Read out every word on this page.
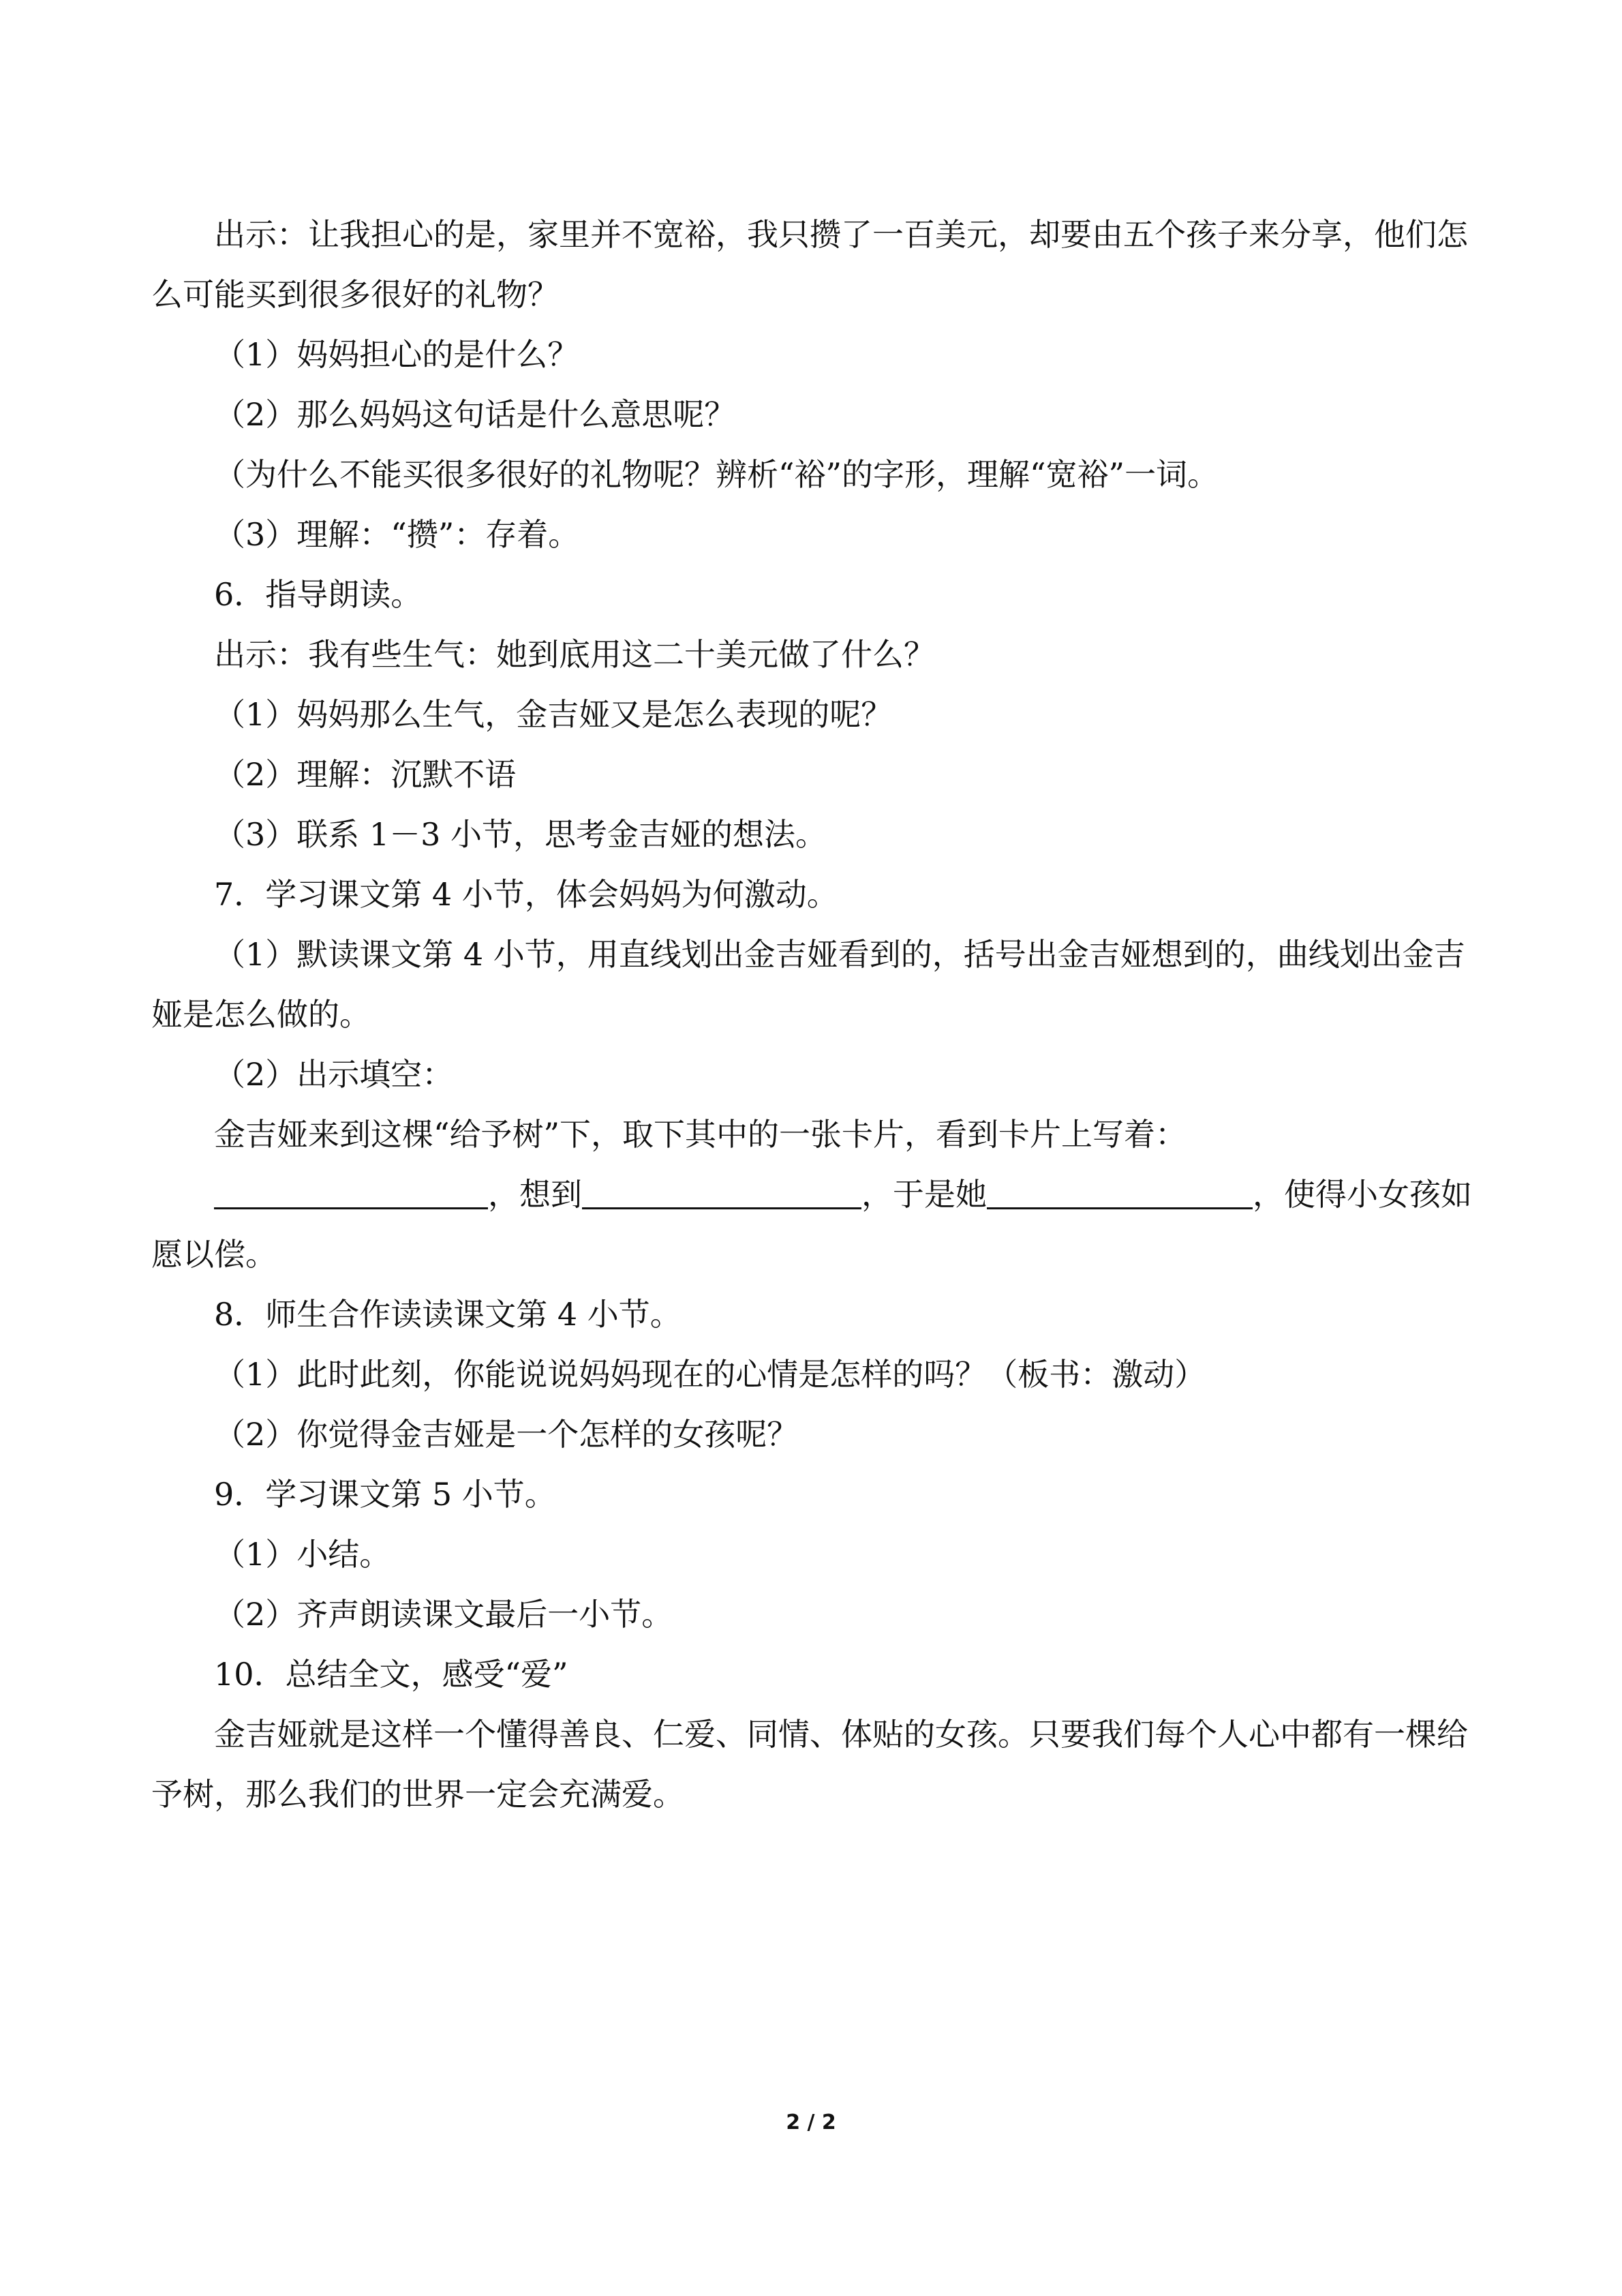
出示：让我担心的是，家里并不宽裕，我只攒了一百美元，却要由五个孩子来分享，他们怎么可能买到很多很好的礼物？

（1）妈妈担心的是什么？

（2）那么妈妈这句话是什么意思呢？

（为什么不能买很多很好的礼物呢？辨析“裕”的字形，理解“宽裕”一词。

（3）理解：“攒”：存着。

6．指导朗读。

出示：我有些生气：她到底用这二十美元做了什么？

（1）妈妈那么生气，金吉娅又是怎么表现的呢？

（2）理解：沉默不语

（3）联系 1－3 小节，思考金吉娅的想法。

7．学习课文第 4 小节，体会妈妈为何激动。

（1）默读课文第 4 小节，用直线划出金吉娅看到的，括号出金吉娅想到的，曲线划出金吉娅是怎么做的。

（2）出示填空：

金吉娅来到这棵“给予树”下，取下其中的一张卡片，看到卡片上写着：

，想到	，于是她	，使得小女孩如愿以偿。

8．师生合作读读课文第 4 小节。

（1）此时此刻，你能说说妈妈现在的心情是怎样的吗？（板书：激动）

（2）你觉得金吉娅是一个怎样的女孩呢？

9．学习课文第 5 小节。

（1）小结。

（2）齐声朗读课文最后一小节。

10．总结全文，感受“爱”

金吉娅就是这样一个懂得善良、仁爱、同情、体贴的女孩。只要我们每个人心中都有一棵给予树，那么我们的世界一定会充满爱。

2 / 2
